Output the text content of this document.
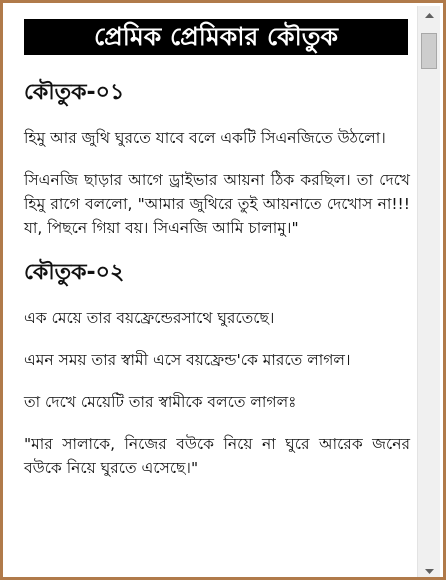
প্রেমিক প্রেমিকার কৌতুক
কৌতুক-০১

হিমু আর জুথি ঘুরতে যাবে বলে একটি সিএনজিতে উঠলো।

সিএনজি ছাড়ার আগে ড্রাইভার আয়না ঠিক করছিল। তা দেখে হিমু রাগে বললো, "আমার জুথিরে তুই আয়নাতে দেখোস না!!! যা, পিছনে গিয়া বয়। সিএনজি আমি চালামু।"

কৌতুক-০২

এক মেয়ে তার বয়ফ্রেন্ডেরসাথে ঘুরতেছে।

এমন সময় তার স্বামী এসে বয়ফ্রেন্ড'কে মারতে লাগল।

তা দেখে মেয়েটি তার স্বামীকে বলতে লাগলঃ

"মার সালাকে, নিজের বউকে নিয়ে না ঘুরে আরেক জনের বউকে নিয়ে ঘুরতে এসেছে।"
